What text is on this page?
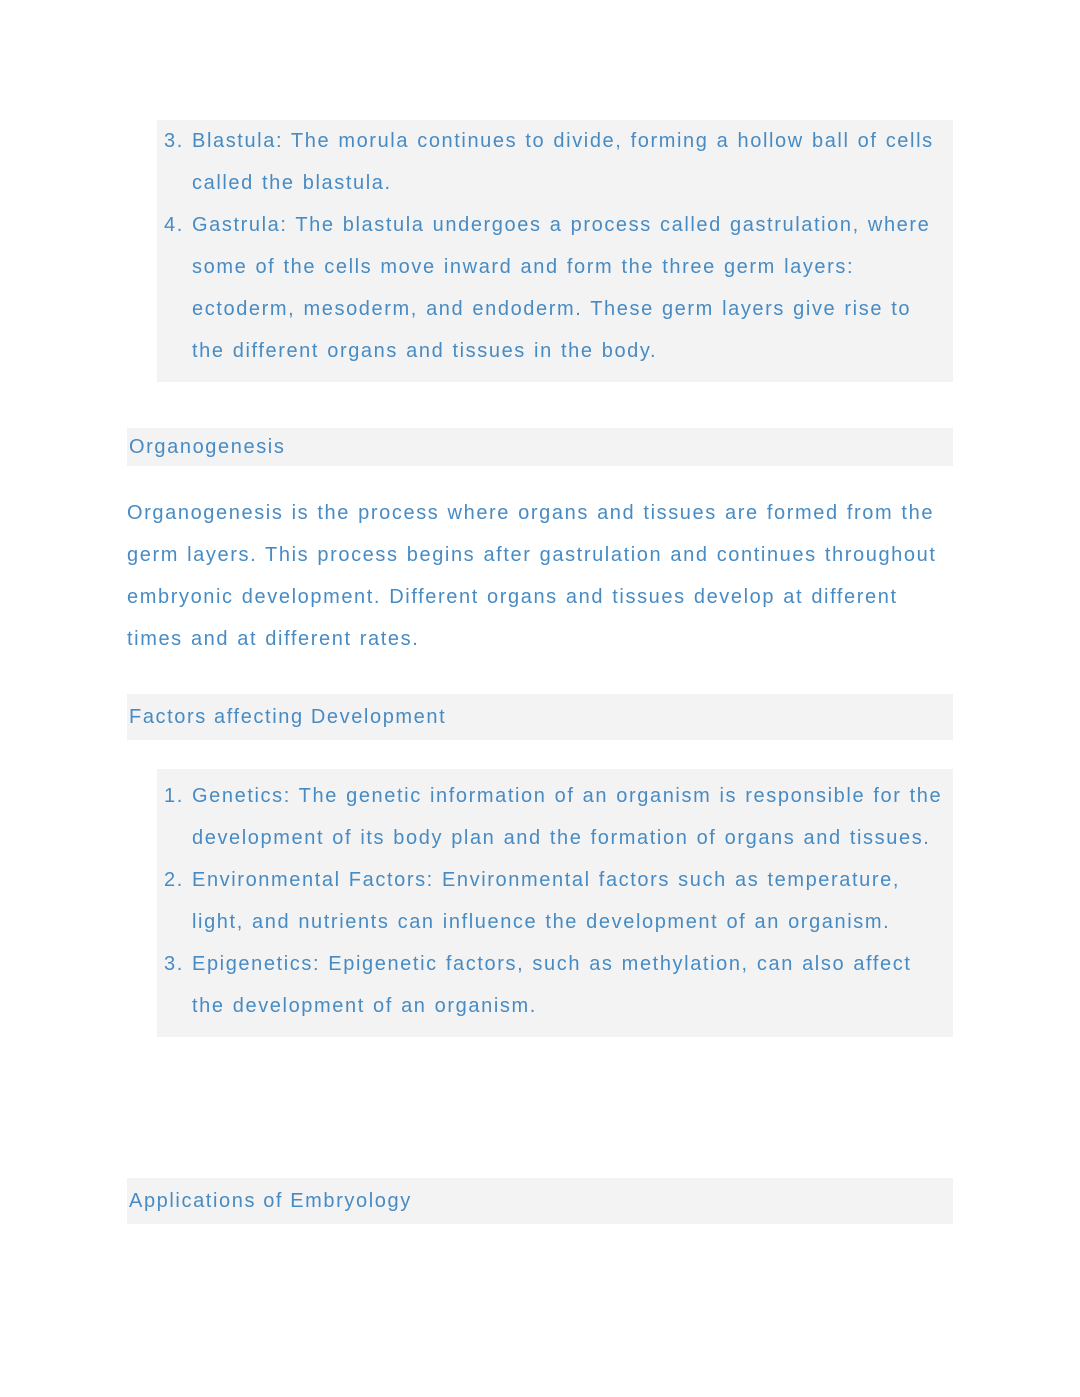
3. Blastula: The morula continues to divide, forming a hollow ball of cells called the blastula.
4. Gastrula: The blastula undergoes a process called gastrulation, where some of the cells move inward and form the three germ layers: ectoderm, mesoderm, and endoderm. These germ layers give rise to the different organs and tissues in the body.
Organogenesis

Organogenesis is the process where organs and tissues are formed from the germ layers. This process begins after gastrulation and continues throughout embryonic development. Different organs and tissues develop at different times and at different rates.

Factors affecting Development
1. Genetics: The genetic information of an organism is responsible for the development of its body plan and the formation of organs and tissues.
2. Environmental Factors: Environmental factors such as temperature, light, and nutrients can influence the development of an organism.
3. Epigenetics: Epigenetic factors, such as methylation, can also affect the development of an organism.
Applications of Embryology
